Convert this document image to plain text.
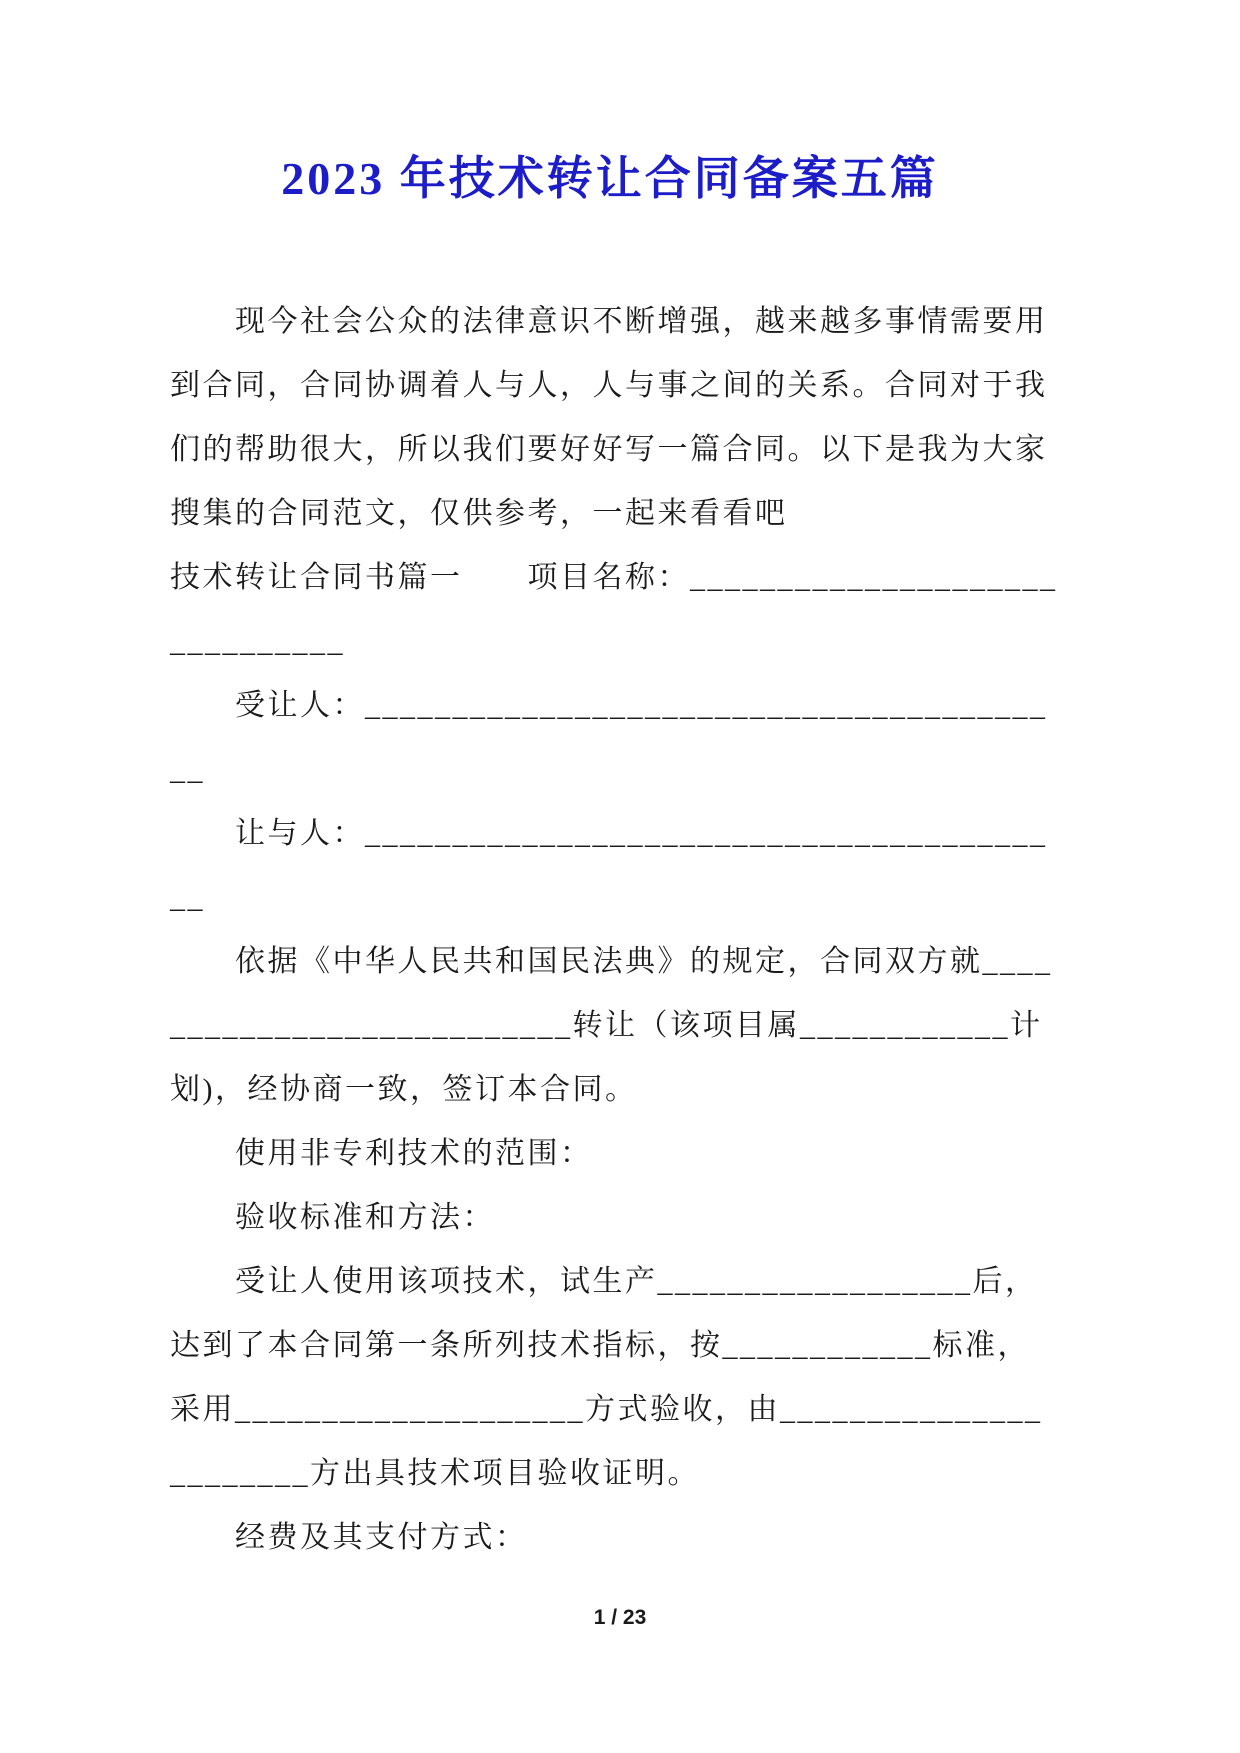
2023 年技术转让合同备案五篇
　　现今社会公众的法律意识不断增强，越来越多事情需要用
到合同，合同协调着人与人，人与事之间的关系。合同对于我
们的帮助很大，所以我们要好好写一篇合同。以下是我为大家
搜集的合同范文，仅供参考，一起来看看吧
技术转让合同书篇一　　项目名称：_____________________
__________
　　受让人：_______________________________________
__
　　让与人：_______________________________________
__
　　依据《中华人民共和国民法典》的规定，合同双方就____
_______________________转让（该项目属____________计
划)，经协商一致，签订本合同。
　　使用非专利技术的范围：
　　验收标准和方法：
　　受让人使用该项技术，试生产__________________后，
达到了本合同第一条所列技术指标，按____________标准，
采用____________________方式验收，由_______________
________方出具技术项目验收证明。
　　经费及其支付方式：
1 / 23
